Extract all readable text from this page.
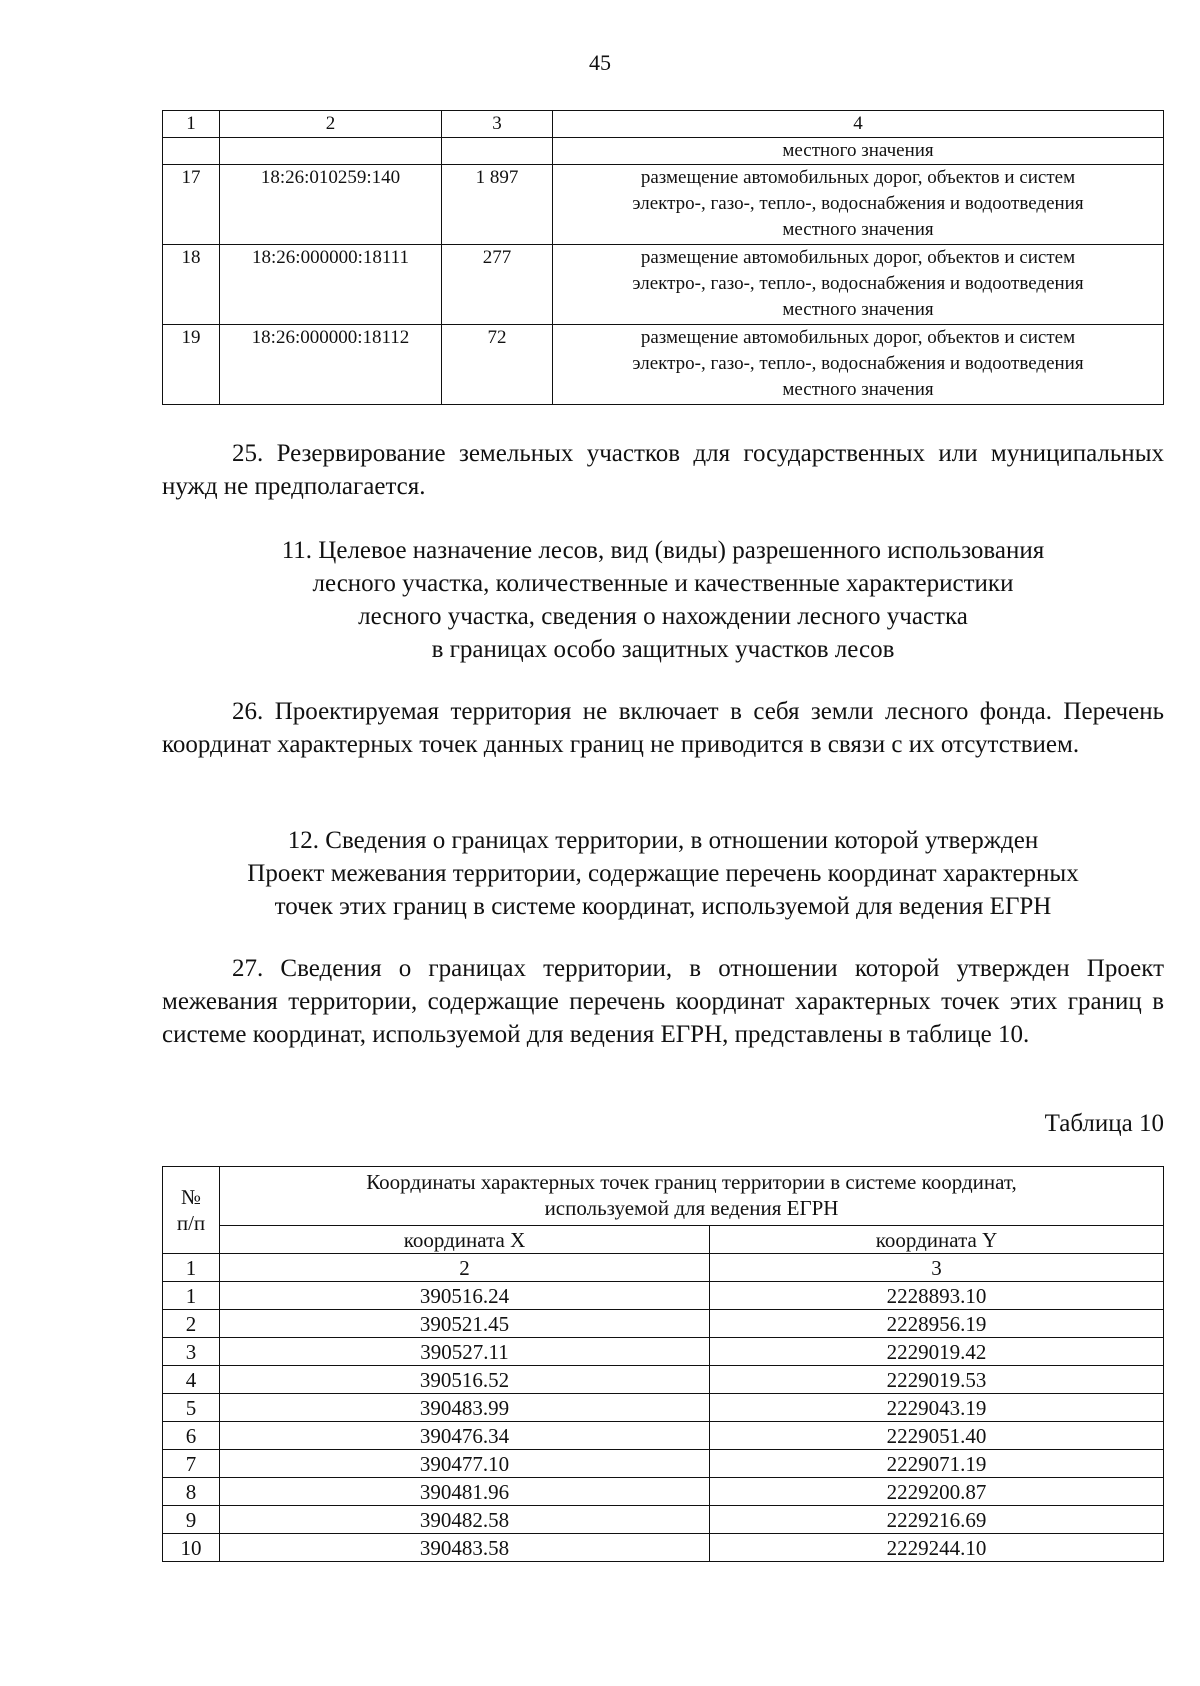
45
1	2	3	4
			местного значения
17	18:26:010259:140	1 897	размещение автомобильных дорог, объектов и систем
электро-, газо-, тепло-, водоснабжения и водоотведения
местного значения
18	18:26:000000:18111	277	размещение автомобильных дорог, объектов и систем
электро-, газо-, тепло-, водоснабжения и водоотведения
местного значения
19	18:26:000000:18112	72	размещение автомобильных дорог, объектов и систем
электро-, газо-, тепло-, водоснабжения и водоотведения
местного значения
25. Резервирование земельных участков для государственных или муниципальных нужд не предполагается.
11. Целевое назначение лесов, вид (виды) разрешенного использования
лесного участка, количественные и качественные характеристики
лесного участка, сведения о нахождении лесного участка
в границах особо защитных участков лесов
26. Проектируемая территория не включает в себя земли лесного фонда. Перечень координат характерных точек данных границ не приводится в связи с их отсутствием.
12. Сведения о границах территории, в отношении которой утвержден
Проект межевания территории, содержащие перечень координат характерных
точек этих границ в системе координат, используемой для ведения ЕГРН
27. Сведения о границах территории, в отношении которой утвержден Проект межевания территории, содержащие перечень координат характерных точек этих границ в системе координат, используемой для ведения ЕГРН, представлены в таблице 10.
Таблица 10
№
п/п	Координаты характерных точек границ территории в системе координат,
используемой для ведения ЕГРН	
	координата X	координата Y
1	2	3
1	390516.24	2228893.10
2	390521.45	2228956.19
3	390527.11	2229019.42
4	390516.52	2229019.53
5	390483.99	2229043.19
6	390476.34	2229051.40
7	390477.10	2229071.19
8	390481.96	2229200.87
9	390482.58	2229216.69
10	390483.58	2229244.10
